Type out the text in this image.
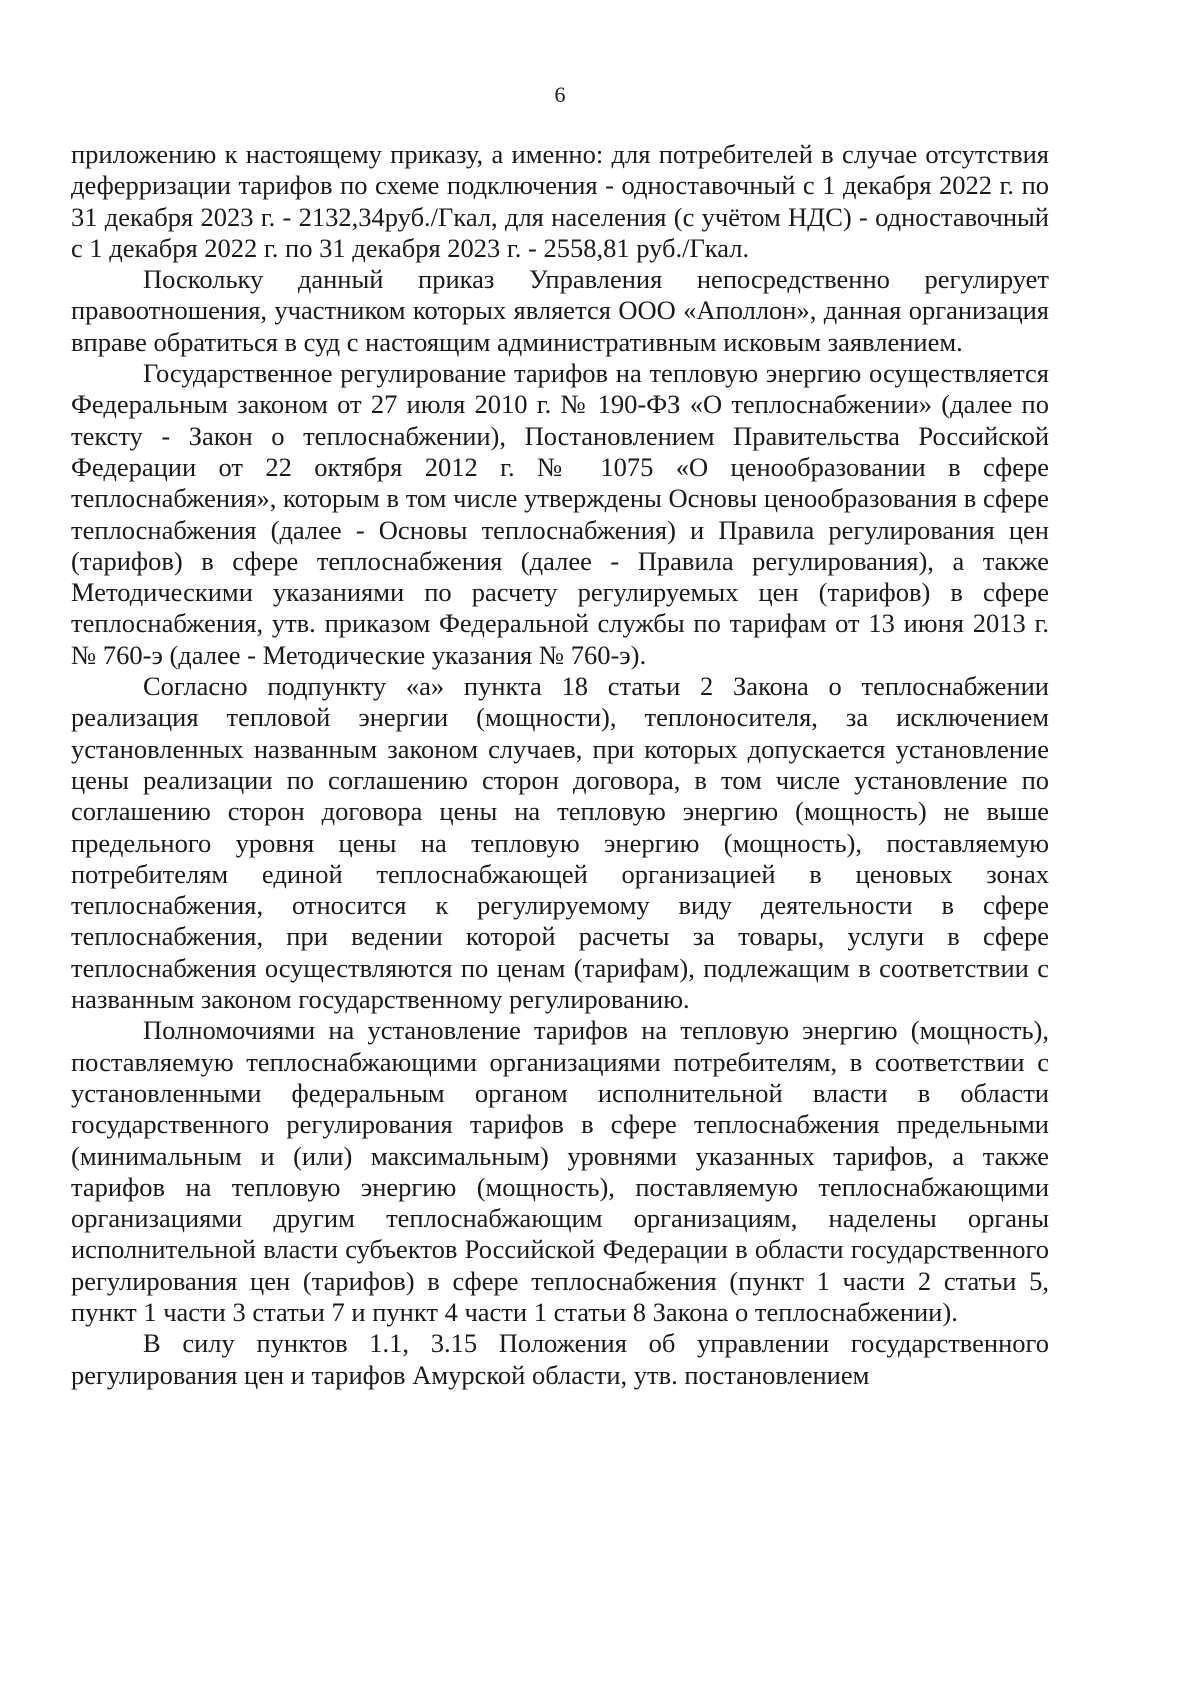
6

приложению к настоящему приказу, а именно: для потребителей в случае отсутствия деферризации тарифов по схеме подключения - одноставочный с 1 декабря 2022 г. по 31 декабря 2023 г. - 2132,34руб./Гкал, для населения (с учётом НДС) - одноставочный с 1 декабря 2022 г. по 31 декабря 2023 г. - 2558,81 руб./Гкал.

Поскольку данный приказ Управления непосредственно регулирует правоотношения, участником которых является ООО «Аполлон», данная организация вправе обратиться в суд с настоящим административным исковым заявлением.

Государственное регулирование тарифов на тепловую энергию осуществляется Федеральным законом от 27 июля 2010 г. № 190-ФЗ «О теплоснабжении» (далее по тексту - Закон о теплоснабжении), Постановлением Правительства Российской Федерации от 22 октября 2012 г. № 1075 «О ценообразовании в сфере теплоснабжения», которым в том числе утверждены Основы ценообразования в сфере теплоснабжения (далее - Основы теплоснабжения) и Правила регулирования цен (тарифов) в сфере теплоснабжения (далее - Правила регулирования), а также Методическими указаниями по расчету регулируемых цен (тарифов) в сфере теплоснабжения, утв. приказом Федеральной службы по тарифам от 13 июня 2013 г. № 760-э (далее - Методические указания № 760-э).

Согласно подпункту «а» пункта 18 статьи 2 Закона о теплоснабжении реализация тепловой энергии (мощности), теплоносителя, за исключением установленных названным законом случаев, при которых допускается установление цены реализации по соглашению сторон договора, в том числе установление по соглашению сторон договора цены на тепловую энергию (мощность) не выше предельного уровня цены на тепловую энергию (мощность), поставляемую потребителям единой теплоснабжающей организацией в ценовых зонах теплоснабжения, относится к регулируемому виду деятельности в сфере теплоснабжения, при ведении которой расчеты за товары, услуги в сфере теплоснабжения осуществляются по ценам (тарифам), подлежащим в соответствии с названным законом государственному регулированию.

Полномочиями на установление тарифов на тепловую энергию (мощность), поставляемую теплоснабжающими организациями потребителям, в соответствии с установленными федеральным органом исполнительной власти в области государственного регулирования тарифов в сфере теплоснабжения предельными (минимальным и (или) максимальным) уровнями указанных тарифов, а также тарифов на тепловую энергию (мощность), поставляемую теплоснабжающими организациями другим теплоснабжающим организациям, наделены органы исполнительной власти субъектов Российской Федерации в области государственного регулирования цен (тарифов) в сфере теплоснабжения (пункт 1 части 2 статьи 5, пункт 1 части 3 статьи 7 и пункт 4 части 1 статьи 8 Закона о теплоснабжении).

В силу пунктов 1.1, 3.15 Положения об управлении государственного регулирования цен и тарифов Амурской области, утв. постановлением
